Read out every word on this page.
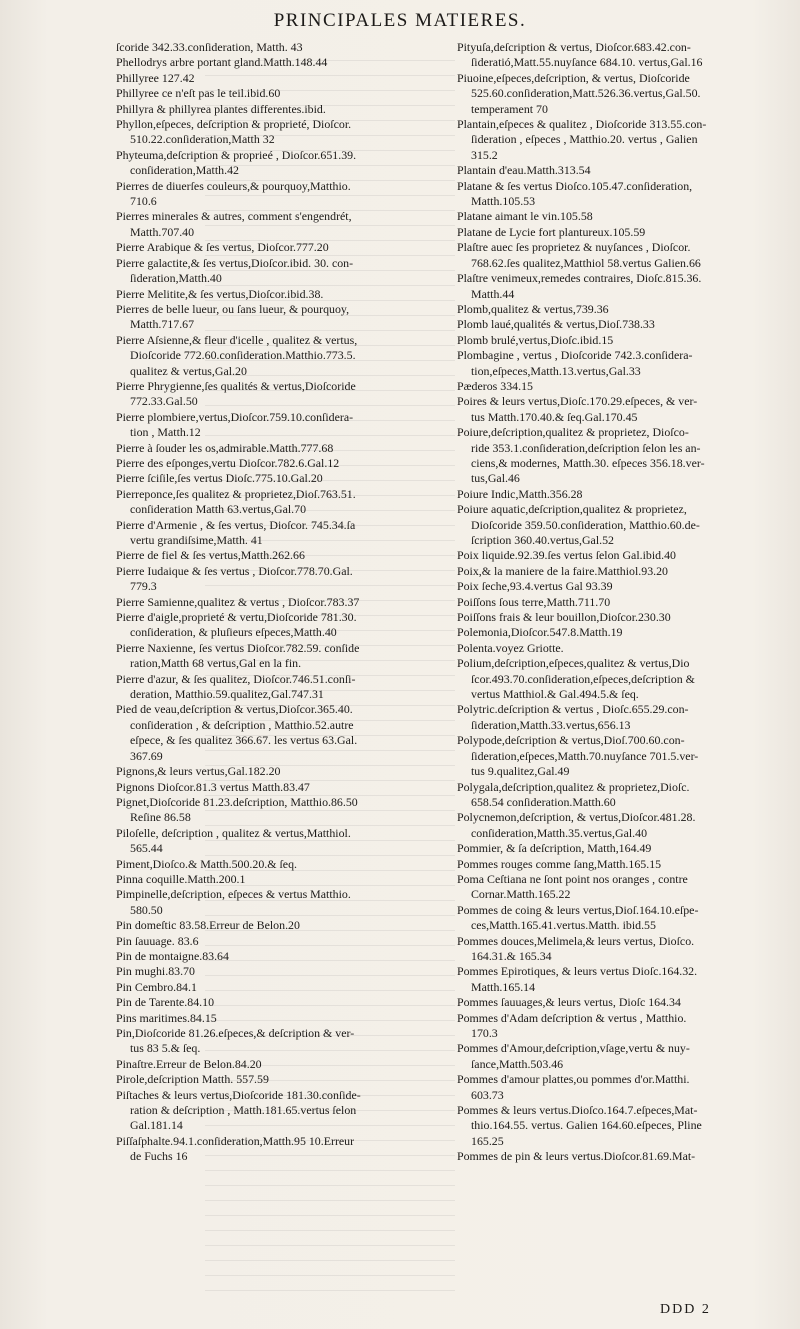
PRINCIPALES MATIERES.
ſcoride 342.33.conſideration, Matth. 43
Phellodrys arbre portant gland.Matth.148.44
Phillyree 127.42
Phillyree ce n'eſt pas le teil.ibid.60
Phillyra & phillyrea plantes differentes.ibid.
Phyllon,eſpeces, deſcription & proprieté, Dioſcor.
510.22.conſideration,Matth 32
Phyteuma,deſcription & proprieé , Dioſcor.651.39.
conſideration,Matth.42
Pierres de diuerſes couleurs,& pourquoy,Matthio.
710.6
Pierres minerales & autres, comment s'engendrét,
Matth.707.40
Pierre Arabique & ſes vertus, Dioſcor.777.20
Pierre galactite,& ſes vertus,Dioſcor.ibid. 30. con-
ſideration,Matth.40
Pierre Melitite,& ſes vertus,Dioſcor.ibid.38.
Pierres de belle lueur, ou ſans lueur, & pourquoy,
Matth.717.67
Pierre Aſsienne,& fleur d'icelle , qualitez & vertus,
Dioſcoride 772.60.conſideration.Matthio.773.5.
qualitez & vertus,Gal.20
Pierre Phrygienne,ſes qualités & vertus,Dioſcoride
772.33.Gal.50
Pierre plombiere,vertus,Dioſcor.759.10.conſidera-
tion , Matth.12
Pierre à ſouder les os,admirable.Matth.777.68
Pierre des eſponges,vertu Dioſcor.782.6.Gal.12
Pierre ſciſile,ſes vertus Dioſc.775.10.Gal.20
Pierreponce,ſes qualitez & proprietez,Dioſ.763.51.
conſideration Matth 63.vertus,Gal.70
Pierre d'Armenie , & ſes vertus, Dioſcor. 745.34.ſa
vertu grandiſsime,Matth. 41
Pierre de fiel & ſes vertus,Matth.262.66
Pierre Iudaique & ſes vertus , Dioſcor.778.70.Gal.
779.3
Pierre Samienne,qualitez & vertus , Dioſcor.783.37
Pierre d'aigle,proprieté & vertu,Dioſcoride 781.30.
conſideration, & pluſieurs eſpeces,Matth.40
Pierre Naxienne, ſes vertus Dioſcor.782.59. conſide
ration,Matth 68 vertus,Gal en la fin.
Pierre d'azur, & ſes qualitez, Dioſcor.746.51.conſi-
deration, Matthio.59.qualitez,Gal.747.31
Pied de veau,deſcription & vertus,Dioſcor.365.40.
conſideration , & deſcription , Matthio.52.autre
eſpece, & ſes qualitez 366.67. les vertus 63.Gal.
367.69
Pignons,& leurs vertus,Gal.182.20
Pignons Dioſcor.81.3 vertus Matth.83.47
Pignet,Dioſcoride 81.23.deſcription, Matthio.86.50
Reſine 86.58
Piloſelle, deſcription , qualitez & vertus,Matthiol.
565.44
Piment,Dioſco.& Matth.500.20.& ſeq.
Pinna coquille.Matth.200.1
Pimpinelle,deſcription, eſpeces & vertus Matthio.
580.50
Pin domeſtic 83.58.Erreur de Belon.20
Pin ſauuage. 83.6
Pin de montaigne.83.64
Pin mughi.83.70
Pin Cembro.84.1
Pin de Tarente.84.10
Pins maritimes.84.15
Pin,Dioſcoride 81.26.eſpeces,& deſcription & ver-
tus 83 5.& ſeq.
Pinaſtre.Erreur de Belon.84.20
Pirole,deſcription Matth. 557.59
Piſtaches & leurs vertus,Dioſcoride 181.30.conſide-
ration & deſcription , Matth.181.65.vertus ſelon
Gal.181.14
Piſſaſphalte.94.1.conſideration,Matth.95 10.Erreur
de Fuchs 16
Pityuſa,deſcription & vertus, Dioſcor.683.42.con-
ſideratió,Matt.55.nuyſance 684.10. vertus,Gal.16
Piuoine,eſpeces,deſcription, & vertus, Dioſcoride
525.60.conſideration,Matt.526.36.vertus,Gal.50.
temperament 70
Plantain,eſpeces & qualitez , Dioſcoride 313.55.con-
ſideration , eſpeces , Matthio.20. vertus , Galien
315.2
Plantain d'eau.Matth.313.54
Platane & ſes vertus Dioſco.105.47.conſideration,
Matth.105.53
Platane aimant le vin.105.58
Platane de Lycie fort plantureux.105.59
Plaſtre auec ſes proprietez & nuyſances , Dioſcor.
768.62.ſes qualitez,Matthiol 58.vertus Galien.66
Plaſtre venimeux,remedes contraires, Dioſc.815.36.
Matth.44
Plomb,qualitez & vertus,739.36
Plomb laué,qualités & vertus,Dioſ.738.33
Plomb brulé,vertus,Dioſc.ibid.15
Plombagine , vertus , Dioſcoride 742.3.conſidera-
tion,eſpeces,Matth.13.vertus,Gal.33
Pæderos 334.15
Poires & leurs vertus,Dioſc.170.29.eſpeces, & ver-
tus Matth.170.40.& ſeq.Gal.170.45
Poiure,deſcription,qualitez & proprietez, Dioſco-
ride 353.1.conſideration,deſcription ſelon les an-
ciens,& modernes, Matth.30. eſpeces 356.18.ver-
tus,Gal.46
Poiure Indic,Matth.356.28
Poiure aquatic,deſcription,qualitez & proprietez,
Dioſcoride 359.50.conſideration, Matthio.60.de-
ſcription 360.40.vertus,Gal.52
Poix liquide.92.39.ſes vertus ſelon Gal.ibid.40
Poix,& la maniere de la faire.Matthiol.93.20
Poix ſeche,93.4.vertus Gal 93.39
Poiſſons ſous terre,Matth.711.70
Poiſſons frais & leur bouillon,Dioſcor.230.30
Polemonia,Dioſcor.547.8.Matth.19
Polenta.voyez Griotte.
Polium,deſcription,eſpeces,qualitez & vertus,Dio
ſcor.493.70.conſideration,eſpeces,deſcription &
vertus Matthiol.& Gal.494.5.& ſeq.
Polytric.deſcription & vertus , Dioſc.655.29.con-
ſideration,Matth.33.vertus,656.13
Polypode,deſcription & vertus,Dioſ.700.60.con-
ſideration,eſpeces,Matth.70.nuyſance 701.5.ver-
tus 9.qualitez,Gal.49
Polygala,deſcription,qualitez & proprietez,Dioſc.
658.54 conſideration.Matth.60
Polycnemon,deſcription, & vertus,Dioſcor.481.28.
conſideration,Matth.35.vertus,Gal.40
Pommier, & ſa deſcription, Matth,164.49
Pommes rouges comme ſang,Matth.165.15
Poma Ceſtiana ne ſont point nos oranges , contre
Cornar.Matth.165.22
Pommes de coing & leurs vertus,Dioſ.164.10.eſpe-
ces,Matth.165.41.vertus.Matth. ibid.55
Pommes douces,Melimela,& leurs vertus, Dioſco.
164.31.& 165.34
Pommes Epirotiques, & leurs vertus Dioſc.164.32.
Matth.165.14
Pommes ſauuages,& leurs vertus, Dioſc 164.34
Pommes d'Adam deſcription & vertus , Matthio.
170.3
Pommes d'Amour,deſcription,vſage,vertu & nuy-
ſance,Matth.503.46
Pommes d'amour plattes,ou pommes d'or.Matthi.
603.73
Pommes & leurs vertus.Dioſco.164.7.eſpeces,Mat-
thio.164.55. vertus. Galien 164.60.eſpeces, Pline
165.25
Pommes de pin & leurs vertus.Dioſcor.81.69.Mat-
DDD 2
